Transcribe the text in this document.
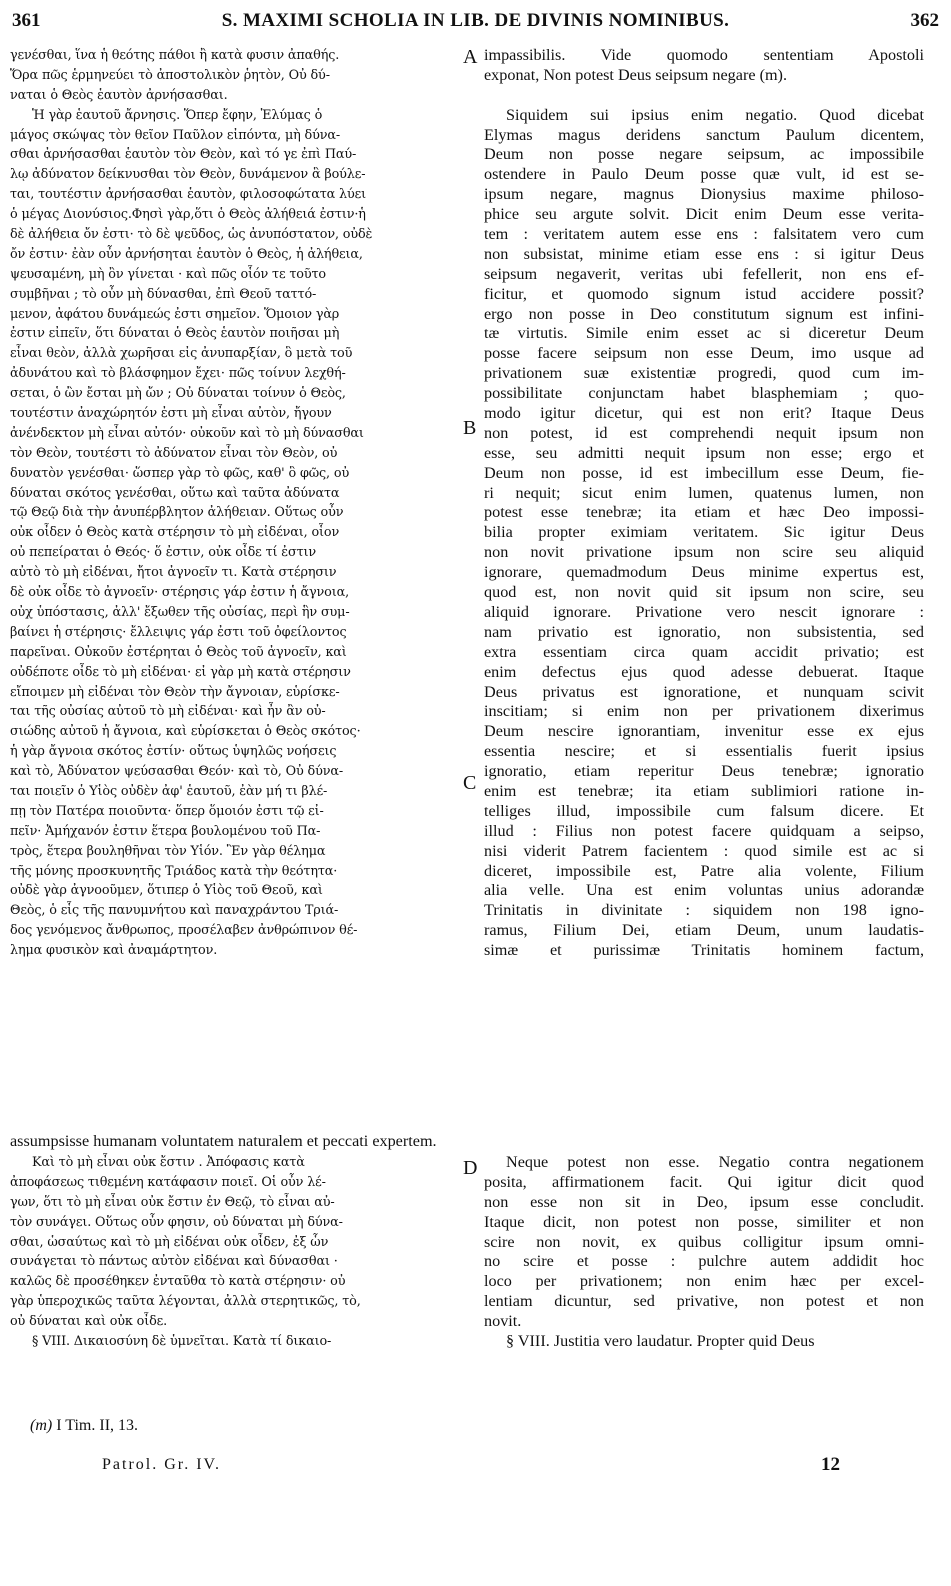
361	S. MAXIMI SCHOLIA IN LIB. DE DIVINIS NOMINIBUS.	362
γενέσθαι, ἵνα ἡ θεότης πάθοι ἢ κατὰ φυσιν ἀπαθής.
Ὅρα πῶς ἑρμηνεύει τὸ ἀποστολικὸν ῥητὸν, Οὐ δύ-
ναται ὁ Θεὸς ἑαυτὸν ἀρνήσασθαι.
Ἡ γὰρ ἑαυτοῦ ἄρνησις. Ὅπερ ἔφην, Ἐλύμας ὁ
μάγος σκώψας τὸν θεῖον Παῦλον εἰπόντα, μὴ δύνα-
σθαι ἀρνήσασθαι ἑαυτὸν τὸν Θεὸν, καὶ τό γε ἐπὶ Παύ-
λῳ ἀδύνατον δείκνυσθαι τὸν Θεὸν, δυνάμενον ἃ βούλε-
ται, τουτέστιν ἀρνήσασθαι ἑαυτὸν, φιλοσοφώτατα λύει
ὁ μέγας Διονύσιος.Φησὶ γὰρ,ὅτι ὁ Θεὸς ἀλήθειά ἐστιν·ἡ
δὲ ἀλήθεια ὄν ἐστι· τὸ δὲ ψεῦδος, ὡς ἀνυπόστατον, οὐδὲ
ὄν ἐστιν· ἐὰν οὖν ἀρνήσηται ἑαυτὸν ὁ Θεὸς, ἡ ἀλήθεια,
ψευσαμένη, μὴ ὂν γίνεται · καὶ πῶς οἷόν τε τοῦτο
συμβῆναι ; τὸ οὖν μὴ δύνασθαι, ἐπὶ Θεοῦ ταττό-
μενον, ἀφάτου δυνάμεώς ἐστι σημεῖον. Ὅμοιον γὰρ
ἐστιν εἰπεῖν, ὅτι δύναται ὁ Θεὸς ἑαυτὸν ποιῆσαι μὴ
εἶναι θεὸν, ἀλλὰ χωρῆσαι εἰς ἀνυπαρξίαν, ὃ μετὰ τοῦ
ἀδυνάτου καὶ τὸ βλάσφημον ἔχει· πῶς τοίνυν λεχθή-
σεται, ὁ ὢν ἔσται μὴ ὤν ; Οὐ δύναται τοίνυν ὁ Θεὸς,
τουτέστιν ἀναχώρητόν ἐστι μὴ εἶναι αὐτὸν, ἤγουν
ἀνένδεκτον μὴ εἶναι αὐτόν· οὐκοῦν καὶ τὸ μὴ δύνασθαι
τὸν Θεὸν, τουτέστι τὸ ἀδύνατον εἶναι τὸν Θεὸν, οὐ
δυνατὸν γενέσθαι· ὥσπερ γὰρ τὸ φῶς, καθ' ὃ φῶς, οὐ
δύναται σκότος γενέσθαι, οὕτω καὶ ταῦτα ἀδύνατα
τῷ Θεῷ διὰ τὴν ἀνυπέρβλητον ἀλήθειαν. Οὕτως οὖν
οὐκ οἶδεν ὁ Θεὸς κατὰ στέρησιν τὸ μὴ εἰδέναι, οἷον
οὐ πεπείραται ὁ Θεός· ὅ ἐστιν, οὐκ οἶδε τί ἐστιν
αὐτὸ τὸ μὴ εἰδέναι, ἤτοι ἀγνοεῖν τι. Κατὰ στέρησιν
δὲ οὐκ οἶδε τὸ ἀγνοεῖν· στέρησις γάρ ἐστιν ἡ ἄγνοια,
οὐχ ὑπόστασις, ἀλλ' ἔξωθεν τῆς οὐσίας, περὶ ἣν συμ-
βαίνει ἡ στέρησις· ἔλλειψις γάρ ἐστι τοῦ ὀφείλοντος
παρεῖναι. Οὐκοῦν ἐστέρηται ὁ Θεὸς τοῦ ἀγνοεῖν, καὶ
οὐδέποτε οἶδε τὸ μὴ εἰδέναι· εἰ γὰρ μὴ κατὰ στέρησιν
εἴποιμεν μὴ εἰδέναι τὸν Θεὸν τὴν ἄγνοιαν, εὑρίσκε-
ται τῆς οὐσίας αὐτοῦ τὸ μὴ εἰδέναι· καὶ ἦν ἂν οὐ-
σιώδης αὐτοῦ ἡ ἄγνοια, καὶ εὑρίσκεται ὁ Θεὸς σκότος·
ἡ γὰρ ἄγνοια σκότος ἐστίν· οὕτως ὑψηλῶς νοήσεις
καὶ τὸ, Ἀδύνατον ψεύσασθαι Θεόν· καὶ τὸ, Οὐ δύνα-
ται ποιεῖν ὁ Υἱὸς οὐδὲν ἀφ' ἑαυτοῦ, ἐὰν μή τι βλέ-
πῃ τὸν Πατέρα ποιοῦντα· ὅπερ ὅμοιόν ἐστι τῷ εἰ-
πεῖν· Ἀμήχανόν ἐστιν ἕτερα βουλομένου τοῦ Πα-
τρὸς, ἕτερα βουληθῆναι τὸν Υἱόν. Ἓν γὰρ θέλημα
τῆς μόνης προσκυνητῆς Τριάδος κατὰ τὴν θεότητα·
οὐδὲ γὰρ ἀγνοοῦμεν, ὅτιπερ ὁ Υἱὸς τοῦ Θεοῦ, καὶ
Θεὸς, ὁ εἷς τῆς πανυμνήτου καὶ παναχράντου Τριά-
δος γενόμενος ἄνθρωπος, προσέλαβεν ἀνθρώπινον θέ-
λημα φυσικὸν καὶ ἀναμάρτητον.
impassibilis. Vide quomodo sententiam Apostoli
exponat, Non potest Deus seipsum negare (m).
Siquidem sui ipsius enim negatio. Quod dicebat
Elymas magus deridens sanctum Paulum dicentem,
Deum non posse negare seipsum, ac impossibile
ostendere in Paulo Deum posse quæ vult, id est se-
ipsum negare, magnus Dionysius maxime philoso-
phice seu argute solvit. Dicit enim Deum esse verita-
tem : veritatem autem esse ens : falsitatem vero cum
non subsistat, minime etiam esse ens : si igitur Deus
seipsum negaverit, veritas ubi fefellerit, non ens ef-
ficitur, et quomodo signum istud accidere possit?
ergo non posse in Deo constitutum signum est infini-
tæ virtutis. Simile enim esset ac si diceretur Deum
posse facere seipsum non esse Deum, imo usque ad
privationem suæ existentiæ progredi, quod cum im-
possibilitate conjunctam habet blasphemiam ; quo-
modo igitur dicetur, qui est non erit? Itaque Deus
non potest, id est comprehendi nequit ipsum non
esse, seu admitti nequit ipsum non esse; ergo et
Deum non posse, id est imbecillum esse Deum, fie-
ri nequit; sicut enim lumen, quatenus lumen, non
potest esse tenebræ; ita etiam et hæc Deo impossi-
bilia propter eximiam veritatem. Sic igitur Deus
non novit privatione ipsum non scire seu aliquid
ignorare, quemadmodum Deus minime expertus est,
quod est, non novit quid sit ipsum non scire, seu
aliquid ignorare. Privatione vero nescit ignorare :
nam privatio est ignoratio, non subsistentia, sed
extra essentiam circa quam accidit privatio; est
enim defectus ejus quod adesse debuerat. Itaque
Deus privatus est ignoratione, et nunquam scivit
inscitiam; si enim non per privationem dixerimus
Deum nescire ignorantiam, invenitur esse ex ejus
essentia nescire; et si essentialis fuerit ipsius
ignoratio, etiam reperitur Deus tenebræ; ignoratio
enim est tenebræ; ita etiam sublimiori ratione in-
telliges illud, impossibile cum falsum dicere. Et
illud : Filius non potest facere quidquam a seipso,
nisi viderit Patrem facientem : quod simile est ac si
diceret, impossibile est, Patre alia volente, Filium
alia velle. Una est enim voluntas unius adorandæ
Trinitatis in divinitate : siquidem non 198 igno-
ramus, Filium Dei, etiam Deum, unum laudatis-
simæ et purissimæ Trinitatis hominem factum,
A
B
C
D
assumpsisse humanam voluntatem naturalem et peccati expertem.
Καὶ τὸ μὴ εἶναι οὐκ ἔστιν . Ἀπόφασις κατὰ
ἀποφάσεως τιθεμένη κατάφασιν ποιεῖ. Οἱ οὖν λέ-
γων, ὅτι τὸ μὴ εἶναι οὐκ ἔστιν ἐν Θεῷ, τὸ εἶναι αὐ-
τὸν συνάγει. Οὕτως οὖν φησιν, οὐ δύναται μὴ δύνα-
σθαι, ὡσαύτως καὶ τὸ μὴ εἰδέναι οὐκ οἶδεν, ἐξ ὧν
συνάγεται τὸ πάντως αὐτὸν εἰδέναι καὶ δύνασθαι ·
καλῶς δὲ προσέθηκεν ἐνταῦθα τὸ κατὰ στέρησιν· οὐ
γὰρ ὑπεροχικῶς ταῦτα λέγονται, ἀλλὰ στερητικῶς, τὸ,
οὐ δύναται καὶ οὐκ οἶδε.
§ VIII. Δικαιοσύνη δὲ ὑμνεῖται. Κατὰ τί δικαιο-
Neque potest non esse. Negatio contra negationem
posita, affirmationem facit. Qui igitur dicit quod
non esse non sit in Deo, ipsum esse concludit.
Itaque dicit, non potest non posse, similiter et non
scire non novit, ex quibus colligitur ipsum omni-
no scire et posse : pulchre autem addidit hoc
loco per privationem; non enim hæc per excel-
lentiam dicuntur, sed privative, non potest et non
novit.
§ VIII. Justitia vero laudatur. Propter quid Deus
(m) I Tim. II, 13.
Patrol. Gr. IV.	12
